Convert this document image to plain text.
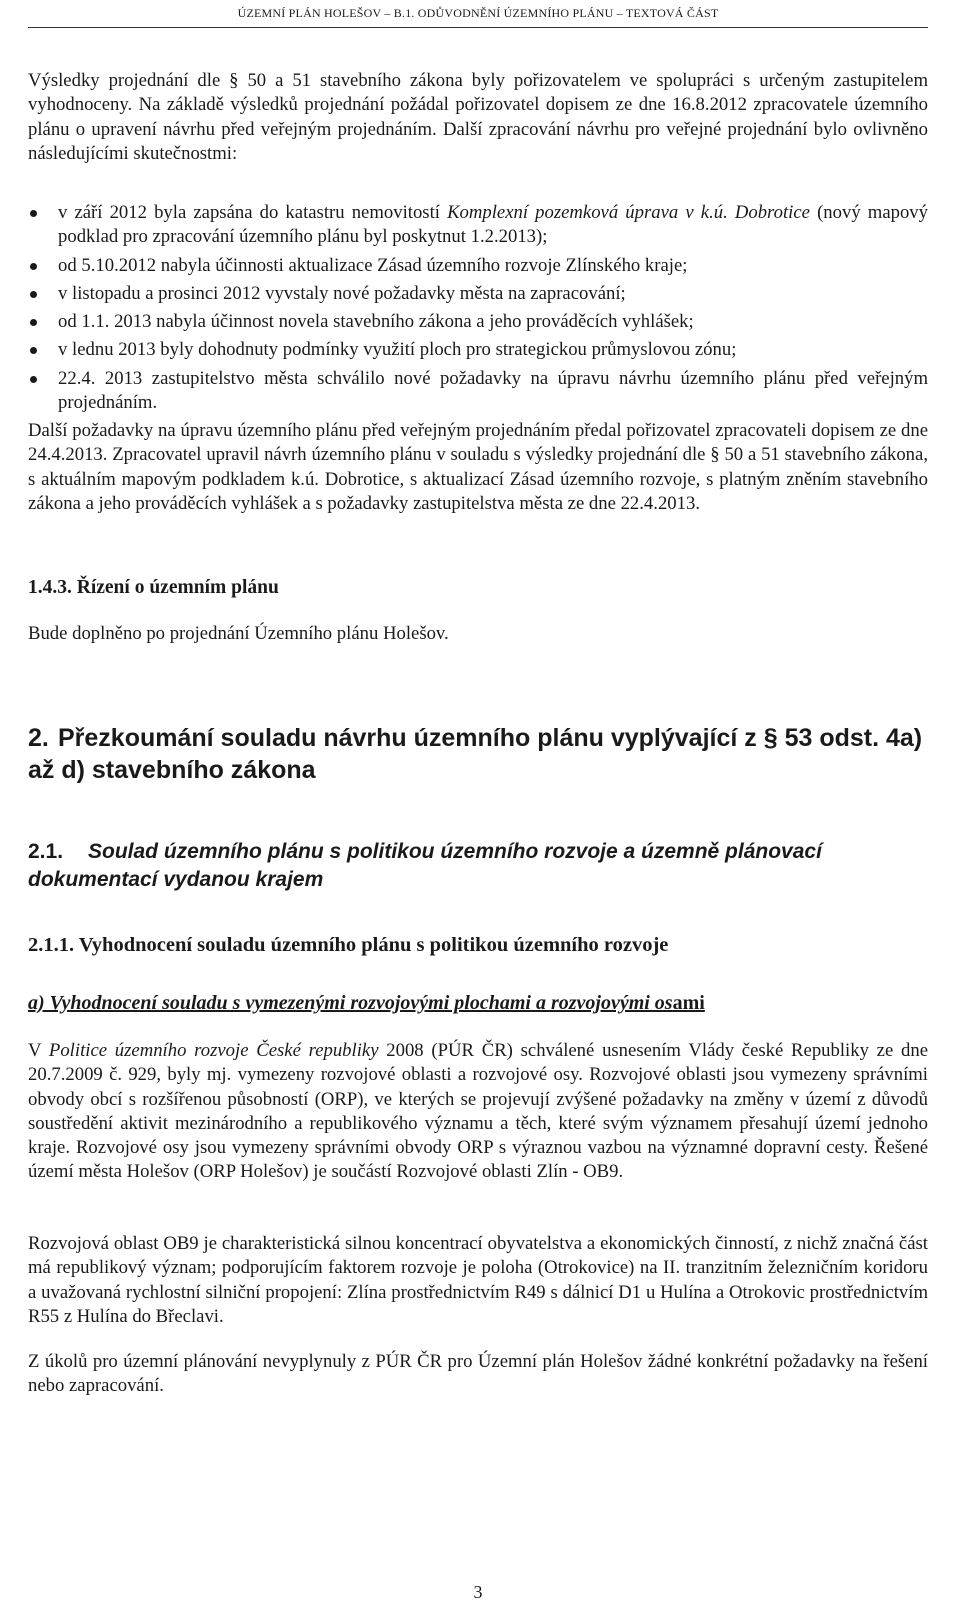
ÚZEMNÍ PLÁN HOLEŠOV – B.1. ODŮVODNĚNÍ ÚZEMNÍHO PLÁNU – TEXTOVÁ ČÁST
Výsledky projednání dle § 50 a 51 stavebního zákona byly pořizovatelem ve spolupráci s určeným zastupitelem vyhodnoceny. Na základě výsledků projednání požádal pořizovatel dopisem ze dne 16.8.2012 zpracovatele územního plánu o upravení návrhu před veřejným projednáním. Další zpracování návrhu pro veřejné projednání bylo ovlivněno následujícími skutečnostmi:
v září 2012 byla zapsána do katastru nemovitostí Komplexní pozemková úprava v k.ú. Dobrotice (nový mapový podklad pro zpracování územního plánu byl poskytnut 1.2.2013);
od 5.10.2012 nabyla účinnosti aktualizace Zásad územního rozvoje Zlínského kraje;
v listopadu a prosinci 2012 vyvstaly nové požadavky města na zapracování;
od 1.1. 2013 nabyla účinnost novela stavebního zákona a jeho prováděcích vyhlášek;
v lednu 2013 byly dohodnuty podmínky využití ploch pro strategickou průmyslovou zónu;
22.4. 2013 zastupitelstvo města schválilo nové požadavky na úpravu návrhu územního plánu před veřejným projednáním.
Další požadavky na úpravu územního plánu před veřejným projednáním předal pořizovatel zpracovateli dopisem ze dne 24.4.2013. Zpracovatel upravil návrh územního plánu v souladu s výsledky projednání dle § 50 a 51 stavebního zákona, s aktuálním mapovým podkladem k.ú. Dobrotice, s aktualizací Zásad územního rozvoje, s platným zněním stavebního zákona a jeho prováděcích vyhlášek a s požadavky zastupitelstva města ze dne 22.4.2013.
1.4.3. Řízení o územním plánu
Bude doplněno po projednání Územního plánu Holešov.
2. Přezkoumání souladu návrhu územního plánu vyplývající z § 53 odst. 4a) až d) stavebního zákona
2.1. Soulad územního plánu s politikou územního rozvoje a územně plánovací dokumentací vydanou krajem
2.1.1. Vyhodnocení souladu územního plánu s politikou územního rozvoje
a) Vyhodnocení souladu s vymezenými rozvojovými plochami a rozvojovými osami
V Politice územního rozvoje České republiky 2008 (PÚR ČR) schválené usnesením Vlády české Republiky ze dne 20.7.2009 č. 929, byly mj. vymezeny rozvojové oblasti a rozvojové osy. Rozvojové oblasti jsou vymezeny správními obvody obcí s rozšířenou působností (ORP), ve kterých se projevují zvýšené požadavky na změny v území z důvodů soustředění aktivit mezinárodního a republikového významu a těch, které svým významem přesahují území jednoho kraje. Rozvojové osy jsou vymezeny správními obvody ORP s výraznou vazbou na významné dopravní cesty. Řešené území města Holešov (ORP Holešov) je součástí Rozvojové oblasti Zlín - OB9.
Rozvojová oblast OB9 je charakteristická silnou koncentrací obyvatelstva a ekonomických činností, z nichž značná část má republikový význam; podporujícím faktorem rozvoje je poloha (Otrokovice) na II. tranzitním železničním koridoru a uvažovaná rychlostní silniční propojení: Zlína prostřednictvím R49 s dálnicí D1 u Hulína a Otrokovic prostřednictvím R55 z Hulína do Břeclavi.
Z úkolů pro územní plánování nevyplynuly z PÚR ČR pro Územní plán Holešov žádné konkrétní požadavky na řešení nebo zapracování.
3
